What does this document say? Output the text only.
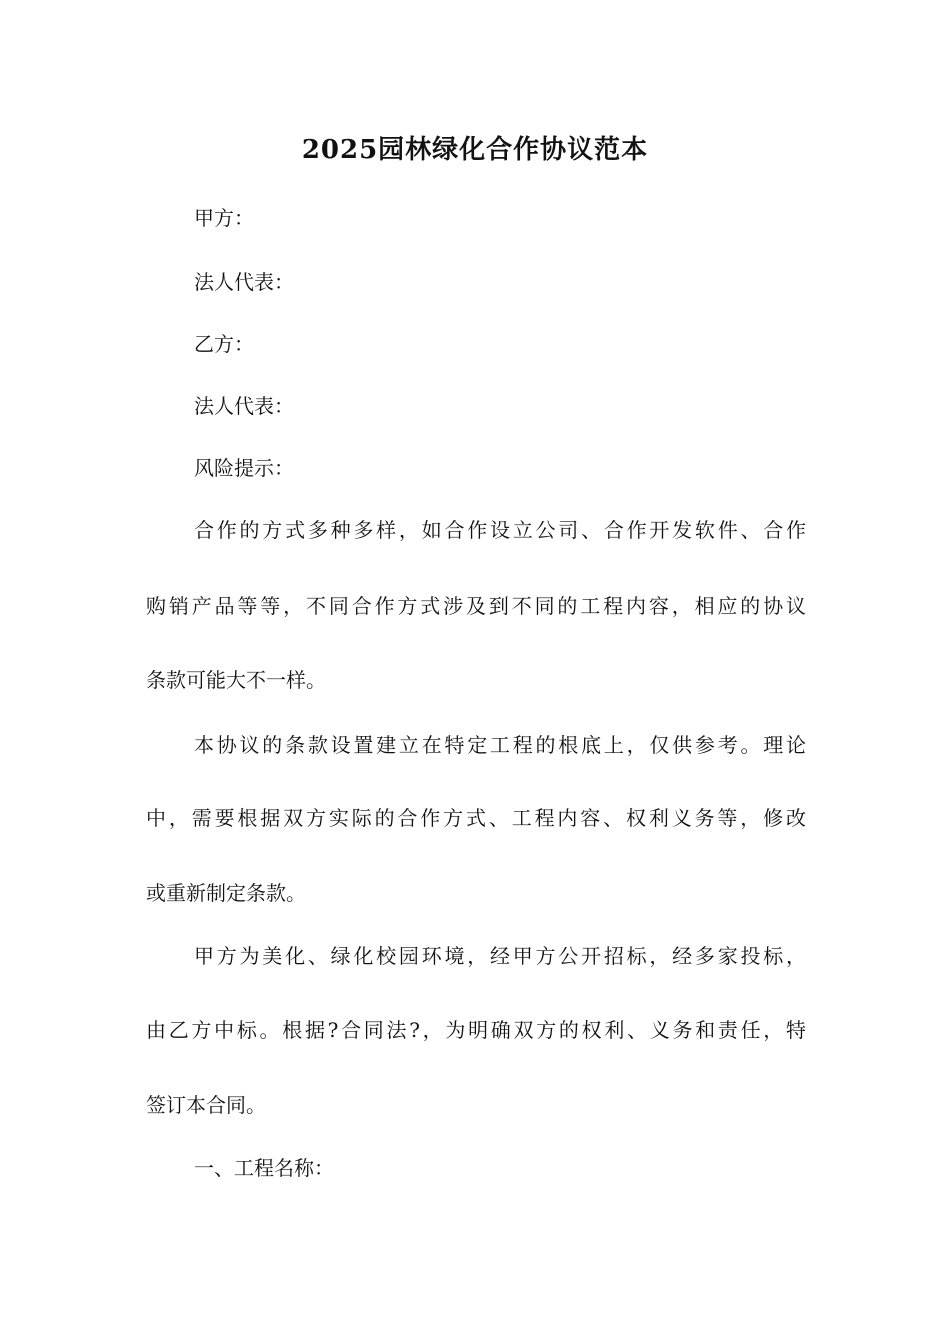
2025园林绿化合作协议范本
甲方：
法人代表：
乙方：
法人代表：
风险提示：
合作的方式多种多样，如合作设立公司、合作开发软件、合作
购销产品等等，不同合作方式涉及到不同的工程内容，相应的协议
条款可能大不一样。
本协议的条款设置建立在特定工程的根底上，仅供参考。理论
中，需要根据双方实际的合作方式、工程内容、权利义务等，修改
或重新制定条款。
甲方为美化、绿化校园环境，经甲方公开招标，经多家投标，
由乙方中标。根据?合同法?，为明确双方的权利、义务和责任，特
签订本合同。
一、工程名称：
